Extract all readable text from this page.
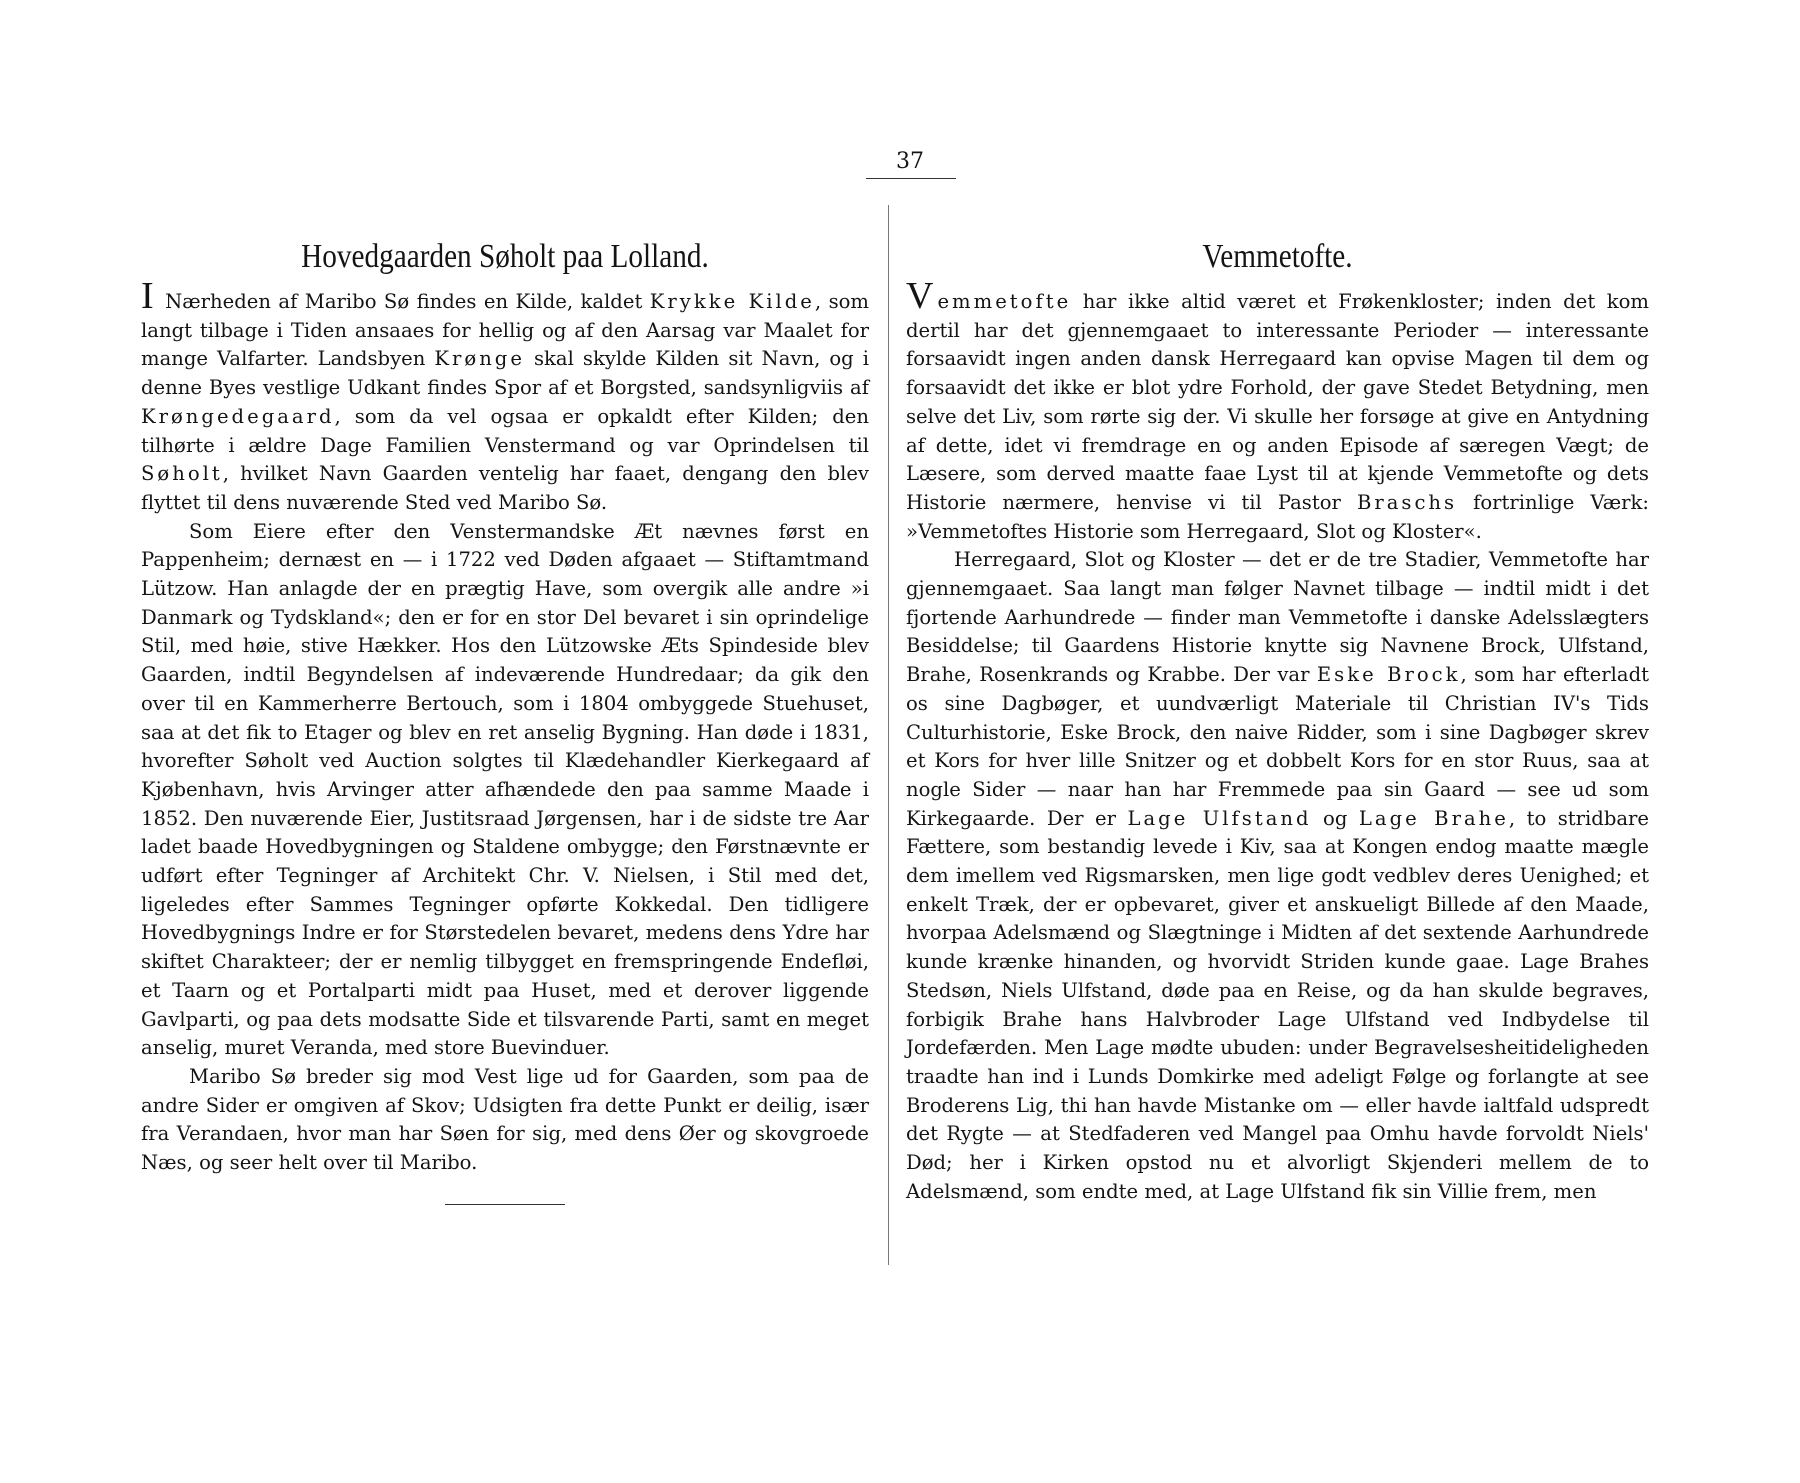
37
Hovedgaarden Søholt paa Lolland.

I Nærheden af Maribo Sø findes en Kilde, kaldet Krykke Kilde, som langt tilbage i Tiden ansaaes for hellig og af den Aarsag var Maalet for mange Valfarter. Landsbyen Krønge skal skylde Kilden sit Navn, og i denne Byes vestlige Udkant findes Spor af et Borgsted, sandsynligviis af Krøngedegaard, som da vel ogsaa er opkaldt efter Kilden; den tilhørte i ældre Dage Familien Venstermand og var Oprindelsen til Søholt, hvilket Navn Gaarden ventelig har faaet, dengang den blev flyttet til dens nuværende Sted ved Maribo Sø.

Som Eiere efter den Venstermandske Æt nævnes først en Pappenheim; dernæst en — i 1722 ved Døden afgaaet — Stiftamtmand Lützow. Han anlagde der en prægtig Have, som overgik alle andre »i Danmark og Tydskland«; den er for en stor Del bevaret i sin oprindelige Stil, med høie, stive Hækker. Hos den Lützowske Æts Spindeside blev Gaarden, indtil Begyndelsen af indeværende Hundredaar; da gik den over til en Kammerherre Bertouch, som i 1804 ombyggede Stuehuset, saa at det fik to Etager og blev en ret anselig Bygning. Han døde i 1831, hvorefter Søholt ved Auction solgtes til Klædehandler Kierkegaard af Kjøbenhavn, hvis Arvinger atter afhændede den paa samme Maade i 1852. Den nuværende Eier, Justitsraad Jørgensen, har i de sidste tre Aar ladet baade Hovedbygningen og Staldene ombygge; den Førstnævnte er udført efter Tegninger af Architekt Chr. V. Nielsen, i Stil med det, ligeledes efter Sammes Tegninger opførte Kokkedal. Den tidligere Hovedbygnings Indre er for Størstedelen bevaret, medens dens Ydre har skiftet Charakteer; der er nemlig tilbygget en fremspringende Endefløi, et Taarn og et Portalparti midt paa Huset, med et derover liggende Gavlparti, og paa dets modsatte Side et tilsvarende Parti, samt en meget anselig, muret Veranda, med store Buevinduer.

Maribo Sø breder sig mod Vest lige ud for Gaarden, som paa de andre Sider er omgiven af Skov; Udsigten fra dette Punkt er deilig, især fra Verandaen, hvor man har Søen for sig, med dens Øer og skovgroede Næs, og seer helt over til Maribo.

Vemmetofte.

Vemmetofte har ikke altid været et Frøkenkloster; inden det kom dertil har det gjennemgaaet to interessante Perioder — interessante forsaavidt ingen anden dansk Herregaard kan opvise Magen til dem og forsaavidt det ikke er blot ydre Forhold, der gave Stedet Betydning, men selve det Liv, som rørte sig der. Vi skulle her forsøge at give en Antydning af dette, idet vi fremdrage en og anden Episode af særegen Vægt; de Læsere, som derved maatte faae Lyst til at kjende Vemmetofte og dets Historie nærmere, henvise vi til Pastor Braschs fortrinlige Værk: »Vemmetoftes Historie som Herregaard, Slot og Kloster«.

Herregaard, Slot og Kloster — det er de tre Stadier, Vemmetofte har gjennemgaaet. Saa langt man følger Navnet tilbage — indtil midt i det fjortende Aarhundrede — finder man Vemmetofte i danske Adelsslægters Besiddelse; til Gaardens Historie knytte sig Navnene Brock, Ulfstand, Brahe, Rosenkrands og Krabbe. Der var Eske Brock, som har efterladt os sine Dagbøger, et uundværligt Materiale til Christian IV's Tids Culturhistorie, Eske Brock, den naive Ridder, som i sine Dagbøger skrev et Kors for hver lille Snitzer og et dobbelt Kors for en stor Ruus, saa at nogle Sider — naar han har Fremmede paa sin Gaard — see ud som Kirkegaarde. Der er Lage Ulfstand og Lage Brahe, to stridbare Fættere, som bestandig levede i Kiv, saa at Kongen endog maatte mægle dem imellem ved Rigsmarsken, men lige godt vedblev deres Uenighed; et enkelt Træk, der er opbevaret, giver et anskueligt Billede af den Maade, hvorpaa Adelsmænd og Slægtninge i Midten af det sextende Aarhundrede kunde krænke hinanden, og hvorvidt Striden kunde gaae. Lage Brahes Stedsøn, Niels Ulfstand, døde paa en Reise, og da han skulde begraves, forbigik Brahe hans Halvbroder Lage Ulfstand ved Indbydelse til Jordefærden. Men Lage mødte ubuden: under Begravelsesheitideligheden traadte han ind i Lunds Domkirke med adeligt Følge og forlangte at see Broderens Lig, thi han havde Mistanke om — eller havde ialtfald udspredt det Rygte — at Stedfaderen ved Mangel paa Omhu havde forvoldt Niels' Død; her i Kirken opstod nu et alvorligt Skjenderi mellem de to Adelsmænd, som endte med, at Lage Ulfstand fik sin Villie frem, men
